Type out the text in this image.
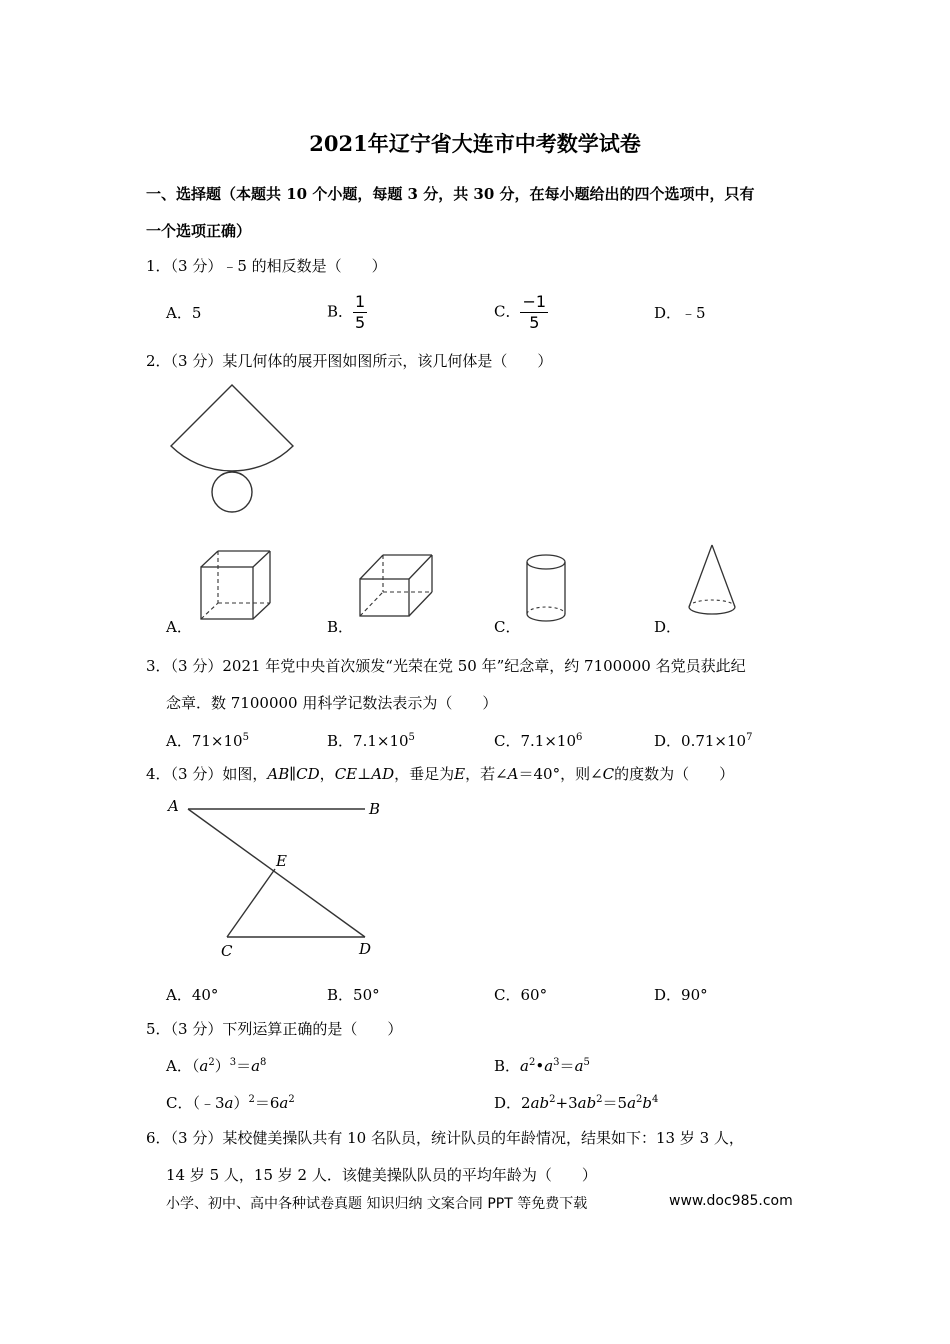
2021年辽宁省大连市中考数学试卷
一、选择题（本题共 10 个小题，每题 3 分，共 30 分，在每小题给出的四个选项中，只有
一个选项正确）
1．（3 分）﹣5 的相反数是（　　）
A．5	B． $\frac{1}{5}$	C． $\frac{-1}{5}$	D．﹣5
2．（3 分）某几何体的展开图如图所示，该几何体是（　　）
A．	B．	C．	D．
3．（3 分）2021 年党中央首次颁发“光荣在党 50 年”纪念章，约 7100000 名党员获此纪
念章．数 7100000 用科学记数法表示为（　　）
A．$71\times 10^5$	B．$7.1\times 10^5$	C．$7.1\times 10^6$	D．$0.71\times 10^7$
4．（3 分）如图，AB∥CD，CE⊥AD，垂足为E，若∠A＝40°，则∠C的度数为（　　）
A	B
E
C	D
A．40°	B．50°	C．60°	D．90°
5．（3 分）下列运算正确的是（　　）
A．$(a^2)^3=a^8$	B．$a^2•a^3=a^5$
C．$(﹣3a)^2=6a^2$	D．$2ab^2+3ab^2=5a^2b^4$
6．（3 分）某校健美操队共有 10 名队员，统计队员的年龄情况，结果如下：13 岁 3 人，
14 岁 5 人，15 岁 2 人．该健美操队队员的平均年龄为（　　）
小学、初中、高中各种试卷真题 知识归纳 文案合同 PPT 等免费下载	www.doc985.com
